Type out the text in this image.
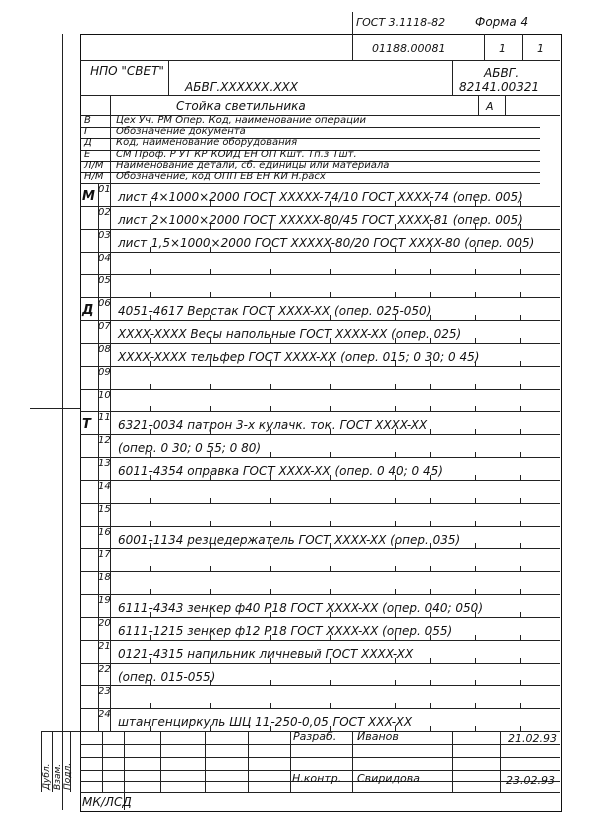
ГОСТ 3.1118-82 Форма 4
01188.00081	1	1
НПО "СВЕТ"
АБВГ.XXXXXX.XXX
АБВГ.
82141.00321
Стойка светильника	А
В	Цех Уч. РМ Опер. Код, наименование операции
Г	Обозначение документа
Д Код, наименование оборудования
Е	СМ Проф. Р УТ КР КОИД ЕН ОП Кшт. Тп.з Тшт.
Л/М Наименование детали, сб. единицы или материала
Н/М Обозначение, код ОПП ЕВ ЕН КИ Н.расх
М 01
лист 4×1000×2000 ГОСТ XXXXX-74/10 ГОСТ XXXX-74 (опер. 005)
02
лист 2×1000×2000 ГОСТ XXXXX-80/45 ГОСТ XXXX-81 (опер. 005)
03
лист 1,5×1000×2000 ГОСТ XXXXX-80/20 ГОСТ XXXX-80 (опер. 005)
04
05
Д 06
4051-4617 Верстак ГОСТ XXXX-XX (опер. 025-050)
07
XXXX-XXXX Весы напольные ГОСТ XXXX-XX (опер. 025)
08
XXXX-XXXX тельфер ГОСТ XXXX-XX (опер. 015; 0 30; 0 45)
09
10
Т 11
6321-0034 патрон 3-х кулачк. ток. ГОСТ XXXX-XX
12
(опер. 0 30; 0 55; 0 80)
13
6011-4354 оправка ГОСТ XXXX-XX (опер. 0 40; 0 45)
14
15
16
6001-1134 резцедержатель ГОСТ XXXX-XX (опер. 035)
17
18
19
6111-4343 зенкер ф40 Р18 ГОСТ XXXX-XX (опер. 040; 050)
20
6111-1215 зенкер ф12 Р18 ГОСТ XXXX-XX (опер. 055)
21
0121-4315 напильник личневый ГОСТ XXXX-XX
22
(опер. 015-055)
23
24
штангенциркуль ШЦ 11-250-0,05 ГОСТ XXX-XX
Разраб. Иванов	21.02.93
Н.контр. Свиридова	23.02.93
Дубл. Взам. Подл.
МК/ЛСД
